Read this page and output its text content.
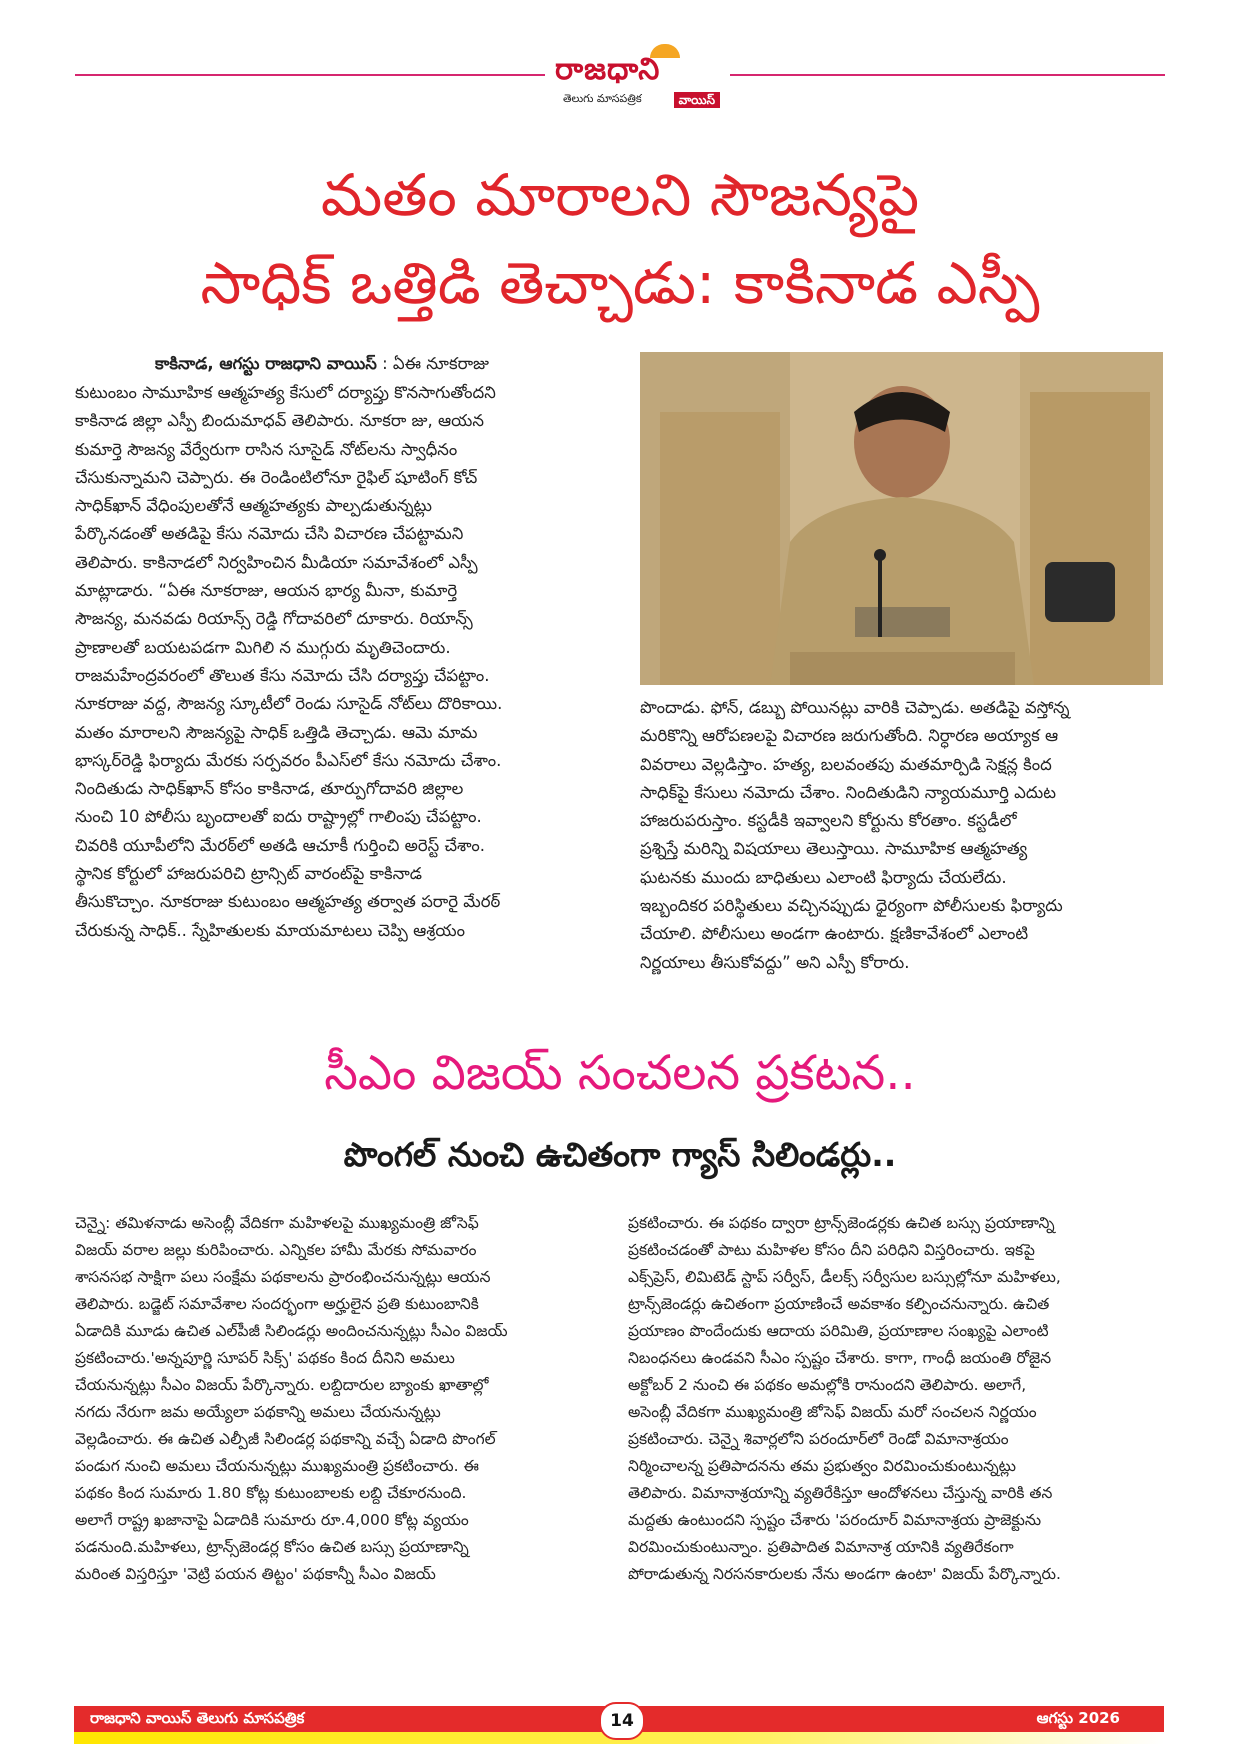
రాజధాని
తెలుగు మాసపత్రిక	వాయిస్
మతం మారాలని సౌజన్యపై
సాధిక్ ఒత్తిడి తెచ్చాడు: కాకినాడ ఎస్పీ
కాకినాడ, ఆగస్టు రాజధాని వాయిస్ : ఏఈ నూకరాజు
కుటుంబం సామూహిక ఆత్మహత్య కేసులో దర్యాప్తు కొనసాగుతోందని
కాకినాడ జిల్లా ఎస్పీ బిందుమాధవ్ తెలిపారు. నూకరా జు, ఆయన
కుమార్తె సౌజన్య వేర్వేరుగా రాసిన సూసైడ్ నోట్‌లను స్వాధీనం
చేసుకున్నామని చెప్పారు. ఈ రెండింటిలోనూ రైఫిల్ షూటింగ్ కోచ్
సాధిక్‌ఖాన్ వేధింపులతోనే ఆత్మహత్యకు పాల్పడుతున్నట్లు
పేర్కొనడంతో అతడిపై కేసు నమోదు చేసి విచారణ చేపట్టామని
తెలిపారు. కాకినాడలో నిర్వహించిన మీడియా సమావేశంలో ఎస్పీ
మాట్లాడారు. “ఏఈ నూకరాజు, ఆయన భార్య మీనా, కుమార్తె
సౌజన్య, మనవడు రియాన్స్ రెడ్డి గోదావరిలో దూకారు. రియాన్స్
ప్రాణాలతో బయటపడగా మిగిలి న ముగ్గురు మృతిచెందారు.
రాజమహేంద్రవరంలో తొలుత కేసు నమోదు చేసి దర్యాప్తు చేపట్టాం.
నూకరాజు వద్ద, సౌజన్య స్కూటీలో రెండు సూసైడ్ నోట్‌లు దొరికాయి.
మతం మారాలని సౌజన్యపై సాధిక్ ఒత్తిడి తెచ్చాడు. ఆమె మామ
భాస్కర్‌రెడ్డి ఫిర్యాదు మేరకు సర్పవరం పీఎస్‌లో కేసు నమోదు చేశాం.
నిందితుడు సాధిక్‌ఖాన్ కోసం కాకినాడ, తూర్పుగోదావరి జిల్లాల
నుంచి 10 పోలీసు బృందాలతో ఐదు రాష్ట్రాల్లో గాలింపు చేపట్టాం.
చివరికి యూపీలోని మేరఠ్‌లో అతడి ఆచూకీ గుర్తించి అరెస్ట్ చేశాం.
స్థానిక కోర్టులో హాజరుపరిచి ట్రాన్సిట్ వారంట్‌పై కాకినాడ
తీసుకొచ్చాం. నూకరాజు కుటుంబం ఆత్మహత్య తర్వాత పరారై మేరఠ్
చేరుకున్న సాధిక్.. స్నేహితులకు మాయమాటలు చెప్పి ఆశ్రయం
పొందాడు. ఫోన్, డబ్బు పోయినట్లు వారికి చెప్పాడు. అతడిపై వస్తోన్న
మరికొన్ని ఆరోపణలపై విచారణ జరుగుతోంది. నిర్ధారణ అయ్యాక ఆ
వివరాలు వెల్లడిస్తాం. హత్య, బలవంతపు మతమార్పిడి సెక్షన్ల కింద
సాధిక్‌పై కేసులు నమోదు చేశాం. నిందితుడిని న్యాయమూర్తి ఎదుట
హాజరుపరుస్తాం. కస్టడీకి ఇవ్వాలని కోర్టును కోరతాం. కస్టడీలో
ప్రశ్నిస్తే మరిన్ని విషయాలు తెలుస్తాయి. సామూహిక ఆత్మహత్య
ఘటనకు ముందు బాధితులు ఎలాంటి ఫిర్యాదు చేయలేదు.
ఇబ్బందికర పరిస్థితులు వచ్చినప్పుడు ధైర్యంగా పోలీసులకు ఫిర్యాదు
చేయాలి. పోలీసులు అండగా ఉంటారు. క్షణికావేశంలో ఎలాంటి
నిర్ణయాలు తీసుకోవద్దు” అని ఎస్పీ కోరారు.
సీఎం విజయ్ సంచలన ప్రకటన..
పొంగల్ నుంచి ఉచితంగా గ్యాస్ సిలిండర్లు..
చెన్నై: తమిళనాడు అసెంబ్లీ వేదికగా మహిళలపై ముఖ్యమంత్రి జోసెఫ్
విజయ్ వరాల జల్లు కురిపించారు. ఎన్నికల హామీ మేరకు సోమవారం
శాసనసభ సాక్షిగా పలు సంక్షేమ పథకాలను ప్రారంభించనున్నట్లు ఆయన
తెలిపారు. బడ్జెట్ సమావేశాల సందర్భంగా అర్హులైన ప్రతి కుటుంబానికి
ఏడాదికి మూడు ఉచిత ఎల్‌పీజీ సిలిండర్లు అందించనున్నట్లు సీఎం విజయ్
ప్రకటించారు.'అన్నపూర్ణి సూపర్ సిక్స్' పథకం కింద దీనిని అమలు
చేయనున్నట్లు సీఎం విజయ్ పేర్కొన్నారు. లబ్దిదారుల బ్యాంకు ఖాతాల్లో
నగదు నేరుగా జమ అయ్యేలా పథకాన్ని అమలు చేయనున్నట్లు
వెల్లడించారు. ఈ ఉచిత ఎల్పీజీ సిలిండర్ల పథకాన్ని వచ్చే ఏడాది పొంగల్
పండుగ నుంచి అమలు చేయనున్నట్లు ముఖ్యమంత్రి ప్రకటించారు. ఈ
పథకం కింద సుమారు 1.80 కోట్ల కుటుంబాలకు లబ్ది చేకూరనుంది.
అలాగే రాష్ట్ర ఖజానాపై ఏడాదికి సుమారు రూ.4,000 కోట్ల వ్యయం
పడనుంది.మహిళలు, ట్రాన్స్‌జెండర్ల కోసం ఉచిత బస్సు ప్రయాణాన్ని
మరింత విస్తరిస్తూ 'వెట్రి పయన తిట్టం' పథకాన్నీ సీఎం విజయ్
ప్రకటించారు. ఈ పథకం ద్వారా ట్రాన్స్‌జెండర్లకు ఉచిత బస్సు ప్రయాణాన్ని
ప్రకటించడంతో పాటు మహిళల కోసం దీని పరిధిని విస్తరించారు. ఇకపై
ఎక్స్‌ప్రెస్, లిమిటెడ్ స్టాప్ సర్వీస్, డీలక్స్ సర్వీసుల బస్సుల్లోనూ మహిళలు,
ట్రాన్స్‌జెండర్లు ఉచితంగా ప్రయాణించే అవకాశం కల్పించనున్నారు. ఉచిత
ప్రయాణం పొందేందుకు ఆదాయ పరిమితి, ప్రయాణాల సంఖ్యపై ఎలాంటి
నిబంధనలు ఉండవని సీఎం స్పష్టం చేశారు. కాగా, గాంధీ జయంతి రోజైన
అక్టోబర్ 2 నుంచి ఈ పథకం అమల్లోకి రానుందని తెలిపారు. అలాగే,
అసెంబ్లీ వేదికగా ముఖ్యమంత్రి జోసెఫ్ విజయ్ మరో సంచలన నిర్ణయం
ప్రకటించారు. చెన్నై శివార్లలోని పరందూర్‌లో రెండో విమానాశ్రయం
నిర్మించాలన్న ప్రతిపాదనను తమ ప్రభుత్వం విరమించుకుంటున్నట్లు
తెలిపారు. విమానాశ్రయాన్ని వ్యతిరేకిస్తూ ఆందోళనలు చేస్తున్న వారికి తన
మద్దతు ఉంటుందని స్పష్టం చేశారు 'పరందూర్ విమానాశ్రయ ప్రాజెక్టును
విరమించుకుంటున్నాం. ప్రతిపాదిత విమానాశ్ర యానికి వ్యతిరేకంగా
పోరాడుతున్న నిరసనకారులకు నేను అండగా ఉంటా' విజయ్ పేర్కొన్నారు.
రాజధాని వాయిస్ తెలుగు మాసపత్రిక	14	ఆగస్టు 2026
